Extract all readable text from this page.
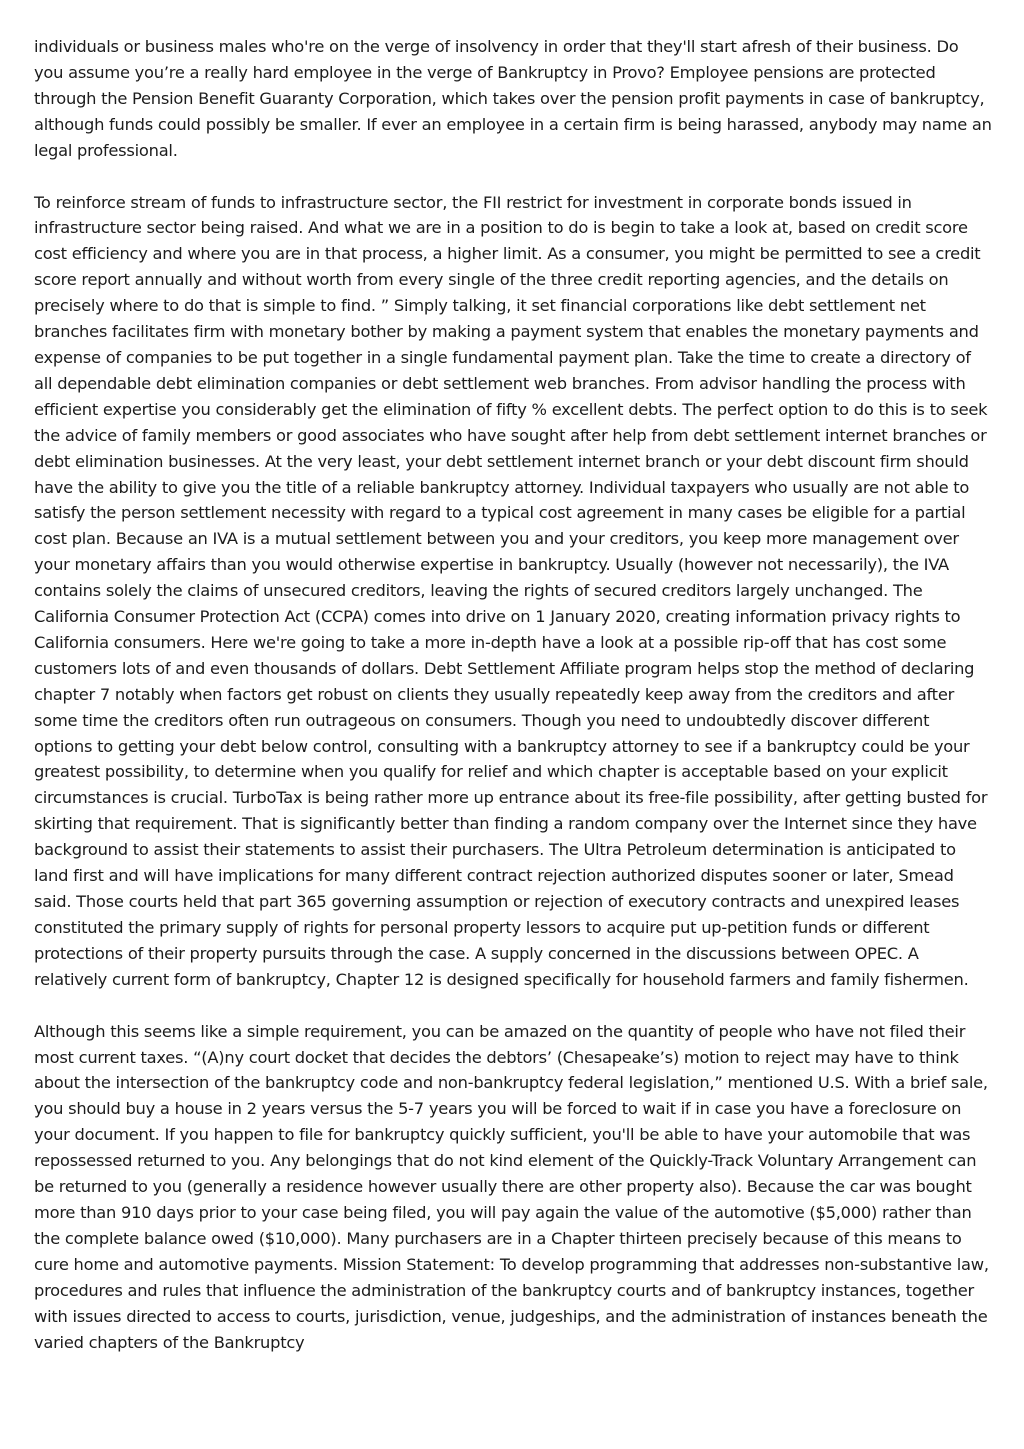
individuals or business males who're on the verge of insolvency in order that they'll start afresh of their business. Do you assume you’re a really hard employee in the verge of Bankruptcy in Provo? Employee pensions are protected through the Pension Benefit Guaranty Corporation, which takes over the pension profit payments in case of bankruptcy, although funds could possibly be smaller. If ever an employee in a certain firm is being harassed, anybody may name an legal professional.

To reinforce stream of funds to infrastructure sector, the FII restrict for investment in corporate bonds issued in infrastructure sector being raised. And what we are in a position to do is begin to take a look at, based on credit score cost efficiency and where you are in that process, a higher limit. As a consumer, you might be permitted to see a credit score report annually and without worth from every single of the three credit reporting agencies, and the details on precisely where to do that is simple to find. ” Simply talking, it set financial corporations like debt settlement net branches facilitates firm with monetary bother by making a payment system that enables the monetary payments and expense of companies to be put together in a single fundamental payment plan. Take the time to create a directory of all dependable debt elimination companies or debt settlement web branches. From advisor handling the process with efficient expertise you considerably get the elimination of fifty % excellent debts. The perfect option to do this is to seek the advice of family members or good associates who have sought after help from debt settlement internet branches or debt elimination businesses. At the very least, your debt settlement internet branch or your debt discount firm should have the ability to give you the title of a reliable bankruptcy attorney. Individual taxpayers who usually are not able to satisfy the person settlement necessity with regard to a typical cost agreement in many cases be eligible for a partial cost plan. Because an IVA is a mutual settlement between you and your creditors, you keep more management over your monetary affairs than you would otherwise expertise in bankruptcy. Usually (however not necessarily), the IVA contains solely the claims of unsecured creditors, leaving the rights of secured creditors largely unchanged. The California Consumer Protection Act (CCPA) comes into drive on 1 January 2020, creating information privacy rights to California consumers. Here we're going to take a more in-depth have a look at a possible rip-off that has cost some customers lots of and even thousands of dollars. Debt Settlement Affiliate program helps stop the method of declaring chapter 7 notably when factors get robust on clients they usually repeatedly keep away from the creditors and after some time the creditors often run outrageous on consumers. Though you need to undoubtedly discover different options to getting your debt below control, consulting with a bankruptcy attorney to see if a bankruptcy could be your greatest possibility, to determine when you qualify for relief and which chapter is acceptable based on your explicit circumstances is crucial. TurboTax is being rather more up entrance about its free-file possibility, after getting busted for skirting that requirement. That is significantly better than finding a random company over the Internet since they have background to assist their statements to assist their purchasers. The Ultra Petroleum determination is anticipated to land first and will have implications for many different contract rejection authorized disputes sooner or later, Smead said. Those courts held that part 365 governing assumption or rejection of executory contracts and unexpired leases constituted the primary supply of rights for personal property lessors to acquire put up-petition funds or different protections of their property pursuits through the case. A supply concerned in the discussions between OPEC. A relatively current form of bankruptcy, Chapter 12 is designed specifically for household farmers and family fishermen.

Although this seems like a simple requirement, you can be amazed on the quantity of people who have not filed their most current taxes. “(A)ny court docket that decides the debtors’ (Chesapeake’s) motion to reject may have to think about the intersection of the bankruptcy code and non-bankruptcy federal legislation,” mentioned U.S. With a brief sale, you should buy a house in 2 years versus the 5-7 years you will be forced to wait if in case you have a foreclosure on your document. If you happen to file for bankruptcy quickly sufficient, you'll be able to have your automobile that was repossessed returned to you. Any belongings that do not kind element of the Quickly-Track Voluntary Arrangement can be returned to you (generally a residence however usually there are other property also). Because the car was bought more than 910 days prior to your case being filed, you will pay again the value of the automotive ($5,000) rather than the complete balance owed ($10,000). Many purchasers are in a Chapter thirteen precisely because of this means to cure home and automotive payments. Mission Statement: To develop programming that addresses non-substantive law, procedures and rules that influence the administration of the bankruptcy courts and of bankruptcy instances, together with issues directed to access to courts, jurisdiction, venue, judgeships, and the administration of instances beneath the varied chapters of the Bankruptcy
